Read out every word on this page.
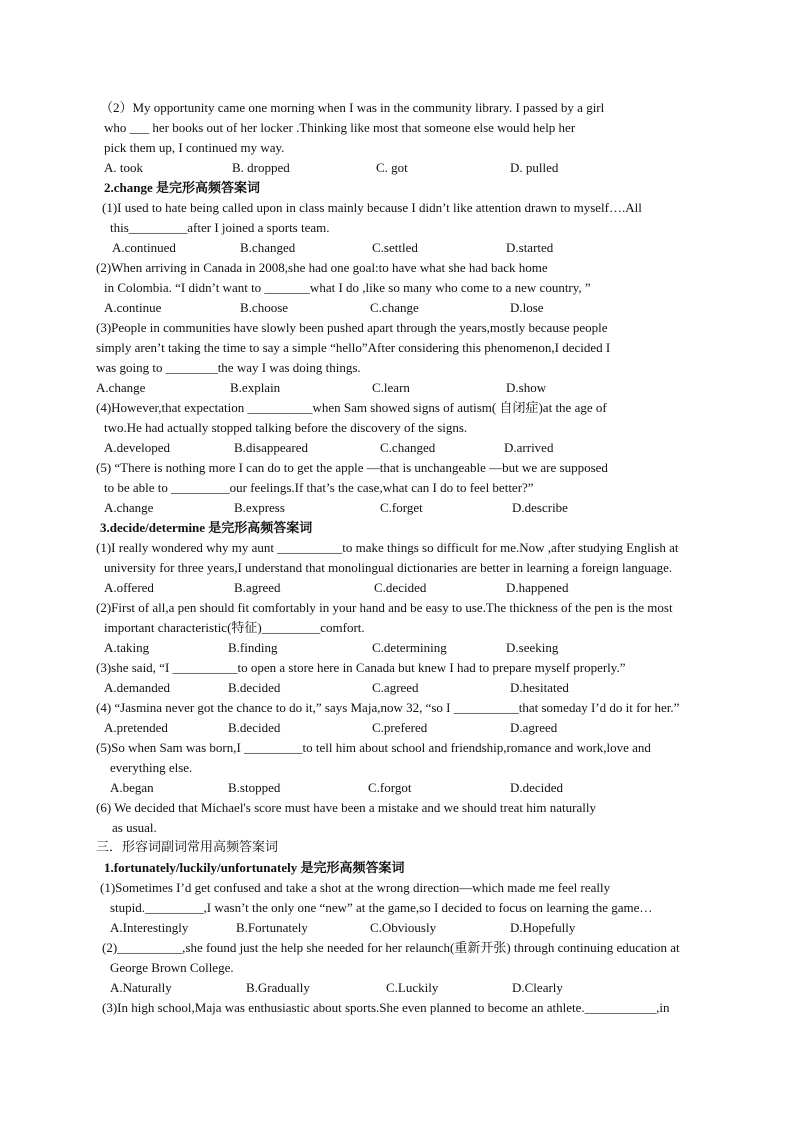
（2）My opportunity came one morning when I was in the community library. I passed by a girl
who ___ her books out of her locker .Thinking like most that someone else would help her
pick them up, I continued my way.
2.change 是完形高频答案词
(1)I used to hate being called upon in class mainly because I didn’t like attention drawn to myself….All
this_________after I joined a sports team.
(2)When arriving in Canada in 2008,she had one goal:to have what she had back home
in Colombia. “I didn’t want to _______what I do ,like so many who come to a new country, ”
(3)People in communities have slowly been pushed apart through the years,mostly because people
simply aren’t taking the time to say a simple “hello”After considering this phenomenon,I decided I
was going to ________the way I was doing things.
(4)However,that expectation __________when Sam showed signs of autism( 自闭症)at the age of
two.He had actually stopped talking before the discovery of the signs.
(5) “There is nothing more I can do to get the apple —that is unchangeable —but we are supposed
to be able to _________our feelings.If that’s the case,what can I do to feel better?”
3.decide/determine 是完形高频答案词
(1)I really wondered why my aunt __________to make things so difficult for me.Now ,after studying English at
university for three years,I understand that monolingual dictionaries are better in learning a foreign language.
(2)First of all,a pen should fit comfortably in your hand and be easy to use.The thickness of the pen is the most
important characteristic(特征)_________comfort.
(3)she said, “I __________to open a store here in Canada but knew I had to prepare myself properly.”
(4) “Jasmina never got the chance to do it,” says Maja,now 32, “so I __________that someday I’d do it for her.”
(5)So when Sam was born,I _________to tell him about school and friendship,romance and work,love and
everything else.
(6) We decided that Michael's score must have been a mistake and we should treat him naturally
as usual.
三．形容词副词常用高频答案词
1.fortunately/luckily/unfortunately 是完形高频答案词
(1)Sometimes I’d get confused and take a shot at the wrong direction—which made me feel really
stupid._________,I wasn’t the only one “new” at the game,so I decided to focus on learning the game…
(2)__________,she found just the help she needed for her relaunch(重新开张) through continuing education at
George Brown College.
(3)In high school,Maja was enthusiastic about sports.She even planned to become an athlete.___________,in
A. took	B. dropped	C. got	D. pulled
A.continued	B.changed	C.settled	D.started
A.continue	B.choose	C.change	D.lose
A.change	B.explain	C.learn	D.show
A.developed	B.disappeared	C.changed	D.arrived
A.change	B.express	C.forget	D.describe
A.offered	B.agreed	C.decided	D.happened
A.taking	B.finding	C.determining	D.seeking
A.demanded	B.decided	C.agreed	D.hesitated
A.pretended	B.decided	C.prefered	D.agreed
A.began	B.stopped	C.forgot	D.decided
A.Interestingly	B.Fortunately	C.Obviously	D.Hopefully
A.Naturally	B.Gradually	C.Luckily	D.Clearly
